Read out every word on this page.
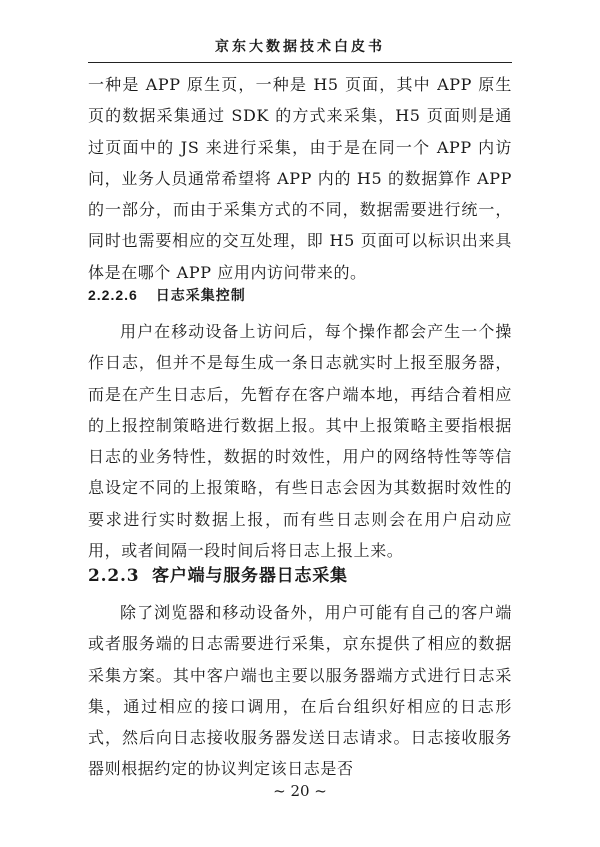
京东大数据技术白皮书

一种是 APP 原生页，一种是 H5 页面，其中 APP 原生页的数据采集通过 SDK 的方式来采集，H5 页面则是通过页面中的 JS 来进行采集，由于是在同一个 APP 内访问，业务人员通常希望将 APP 内的 H5 的数据算作 APP 的一部分，而由于采集方式的不同，数据需要进行统一，同时也需要相应的交互处理，即 H5 页面可以标识出来具体是在哪个 APP 应用内访问带来的。

2.2.2.6 日志采集控制

用户在移动设备上访问后，每个操作都会产生一个操作日志，但并不是每生成一条日志就实时上报至服务器，而是在产生日志后，先暂存在客户端本地，再结合着相应的上报控制策略进行数据上报。其中上报策略主要指根据日志的业务特性，数据的时效性，用户的网络特性等等信息设定不同的上报策略，有些日志会因为其数据时效性的要求进行实时数据上报，而有些日志则会在用户启动应用，或者间隔一段时间后将日志上报上来。

2.2.3 客户端与服务器日志采集

除了浏览器和移动设备外，用户可能有自己的客户端或者服务端的日志需要进行采集，京东提供了相应的数据采集方案。其中客户端也主要以服务器端方式进行日志采集，通过相应的接口调用，在后台组织好相应的日志形式，然后向日志接收服务器发送日志请求。日志接收服务器则根据约定的协议判定该日志是否

~ 20 ~
